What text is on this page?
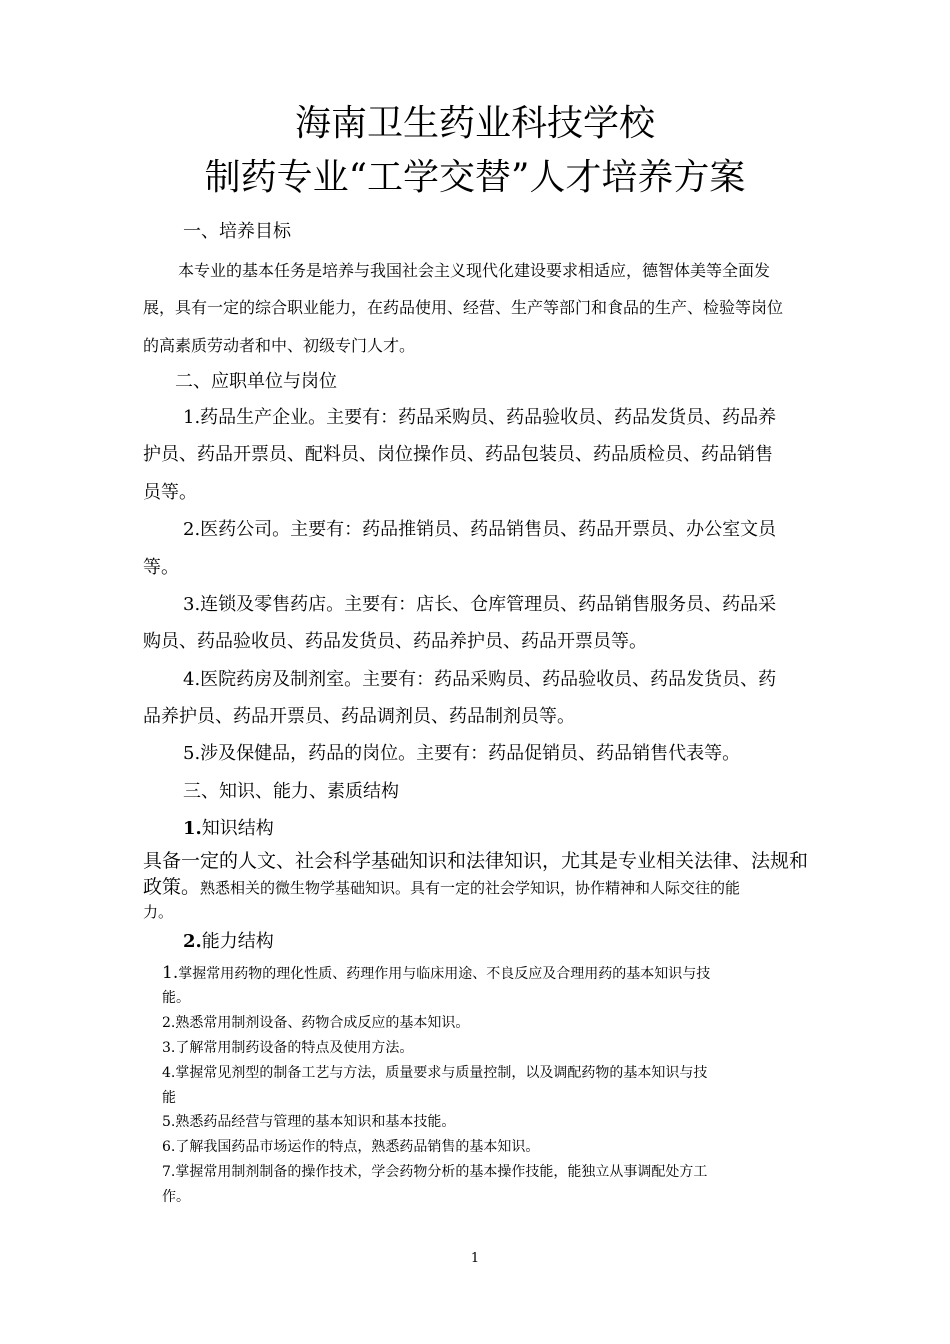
海南卫生药业科技学校
制药专业“工学交替”人才培养方案
一、培养目标
本专业的基本任务是培养与我国社会主义现代化建设要求相适应，德智体美等全面发
展，具有一定的综合职业能力，在药品使用、经营、生产等部门和食品的生产、检验等岗位
的高素质劳动者和中、初级专门人才。
二、应职单位与岗位
1.药品生产企业。主要有：药品采购员、药品验收员、药品发货员、药品养
护员、药品开票员、配料员、岗位操作员、药品包装员、药品质检员、药品销售
员等。
2.医药公司。主要有：药品推销员、药品销售员、药品开票员、办公室文员
等。
3.连锁及零售药店。主要有：店长、仓库管理员、药品销售服务员、药品采
购员、药品验收员、药品发货员、药品养护员、药品开票员等。
4.医院药房及制剂室。主要有：药品采购员、药品验收员、药品发货员、药
品养护员、药品开票员、药品调剂员、药品制剂员等。
5.涉及保健品，药品的岗位。主要有：药品促销员、药品销售代表等。
三、知识、能力、素质结构
1.知识结构
具备一定的人文、社会科学基础知识和法律知识，尤其是专业相关法律、法规和
政策。熟悉相关的微生物学基础知识。具有一定的社会学知识，协作精神和人际交往的能
力。
2.能力结构
1.掌握常用药物的理化性质、药理作用与临床用途、不良反应及合理用药的基本知识与技
能。
2.熟悉常用制剂设备、药物合成反应的基本知识。
3.了解常用制药设备的特点及使用方法。
4.掌握常见剂型的制备工艺与方法，质量要求与质量控制，以及调配药物的基本知识与技
能
5.熟悉药品经营与管理的基本知识和基本技能。
6.了解我国药品市场运作的特点，熟悉药品销售的基本知识。
7.掌握常用制剂制备的操作技术，学会药物分析的基本操作技能，能独立从事调配处方工
作。
1
